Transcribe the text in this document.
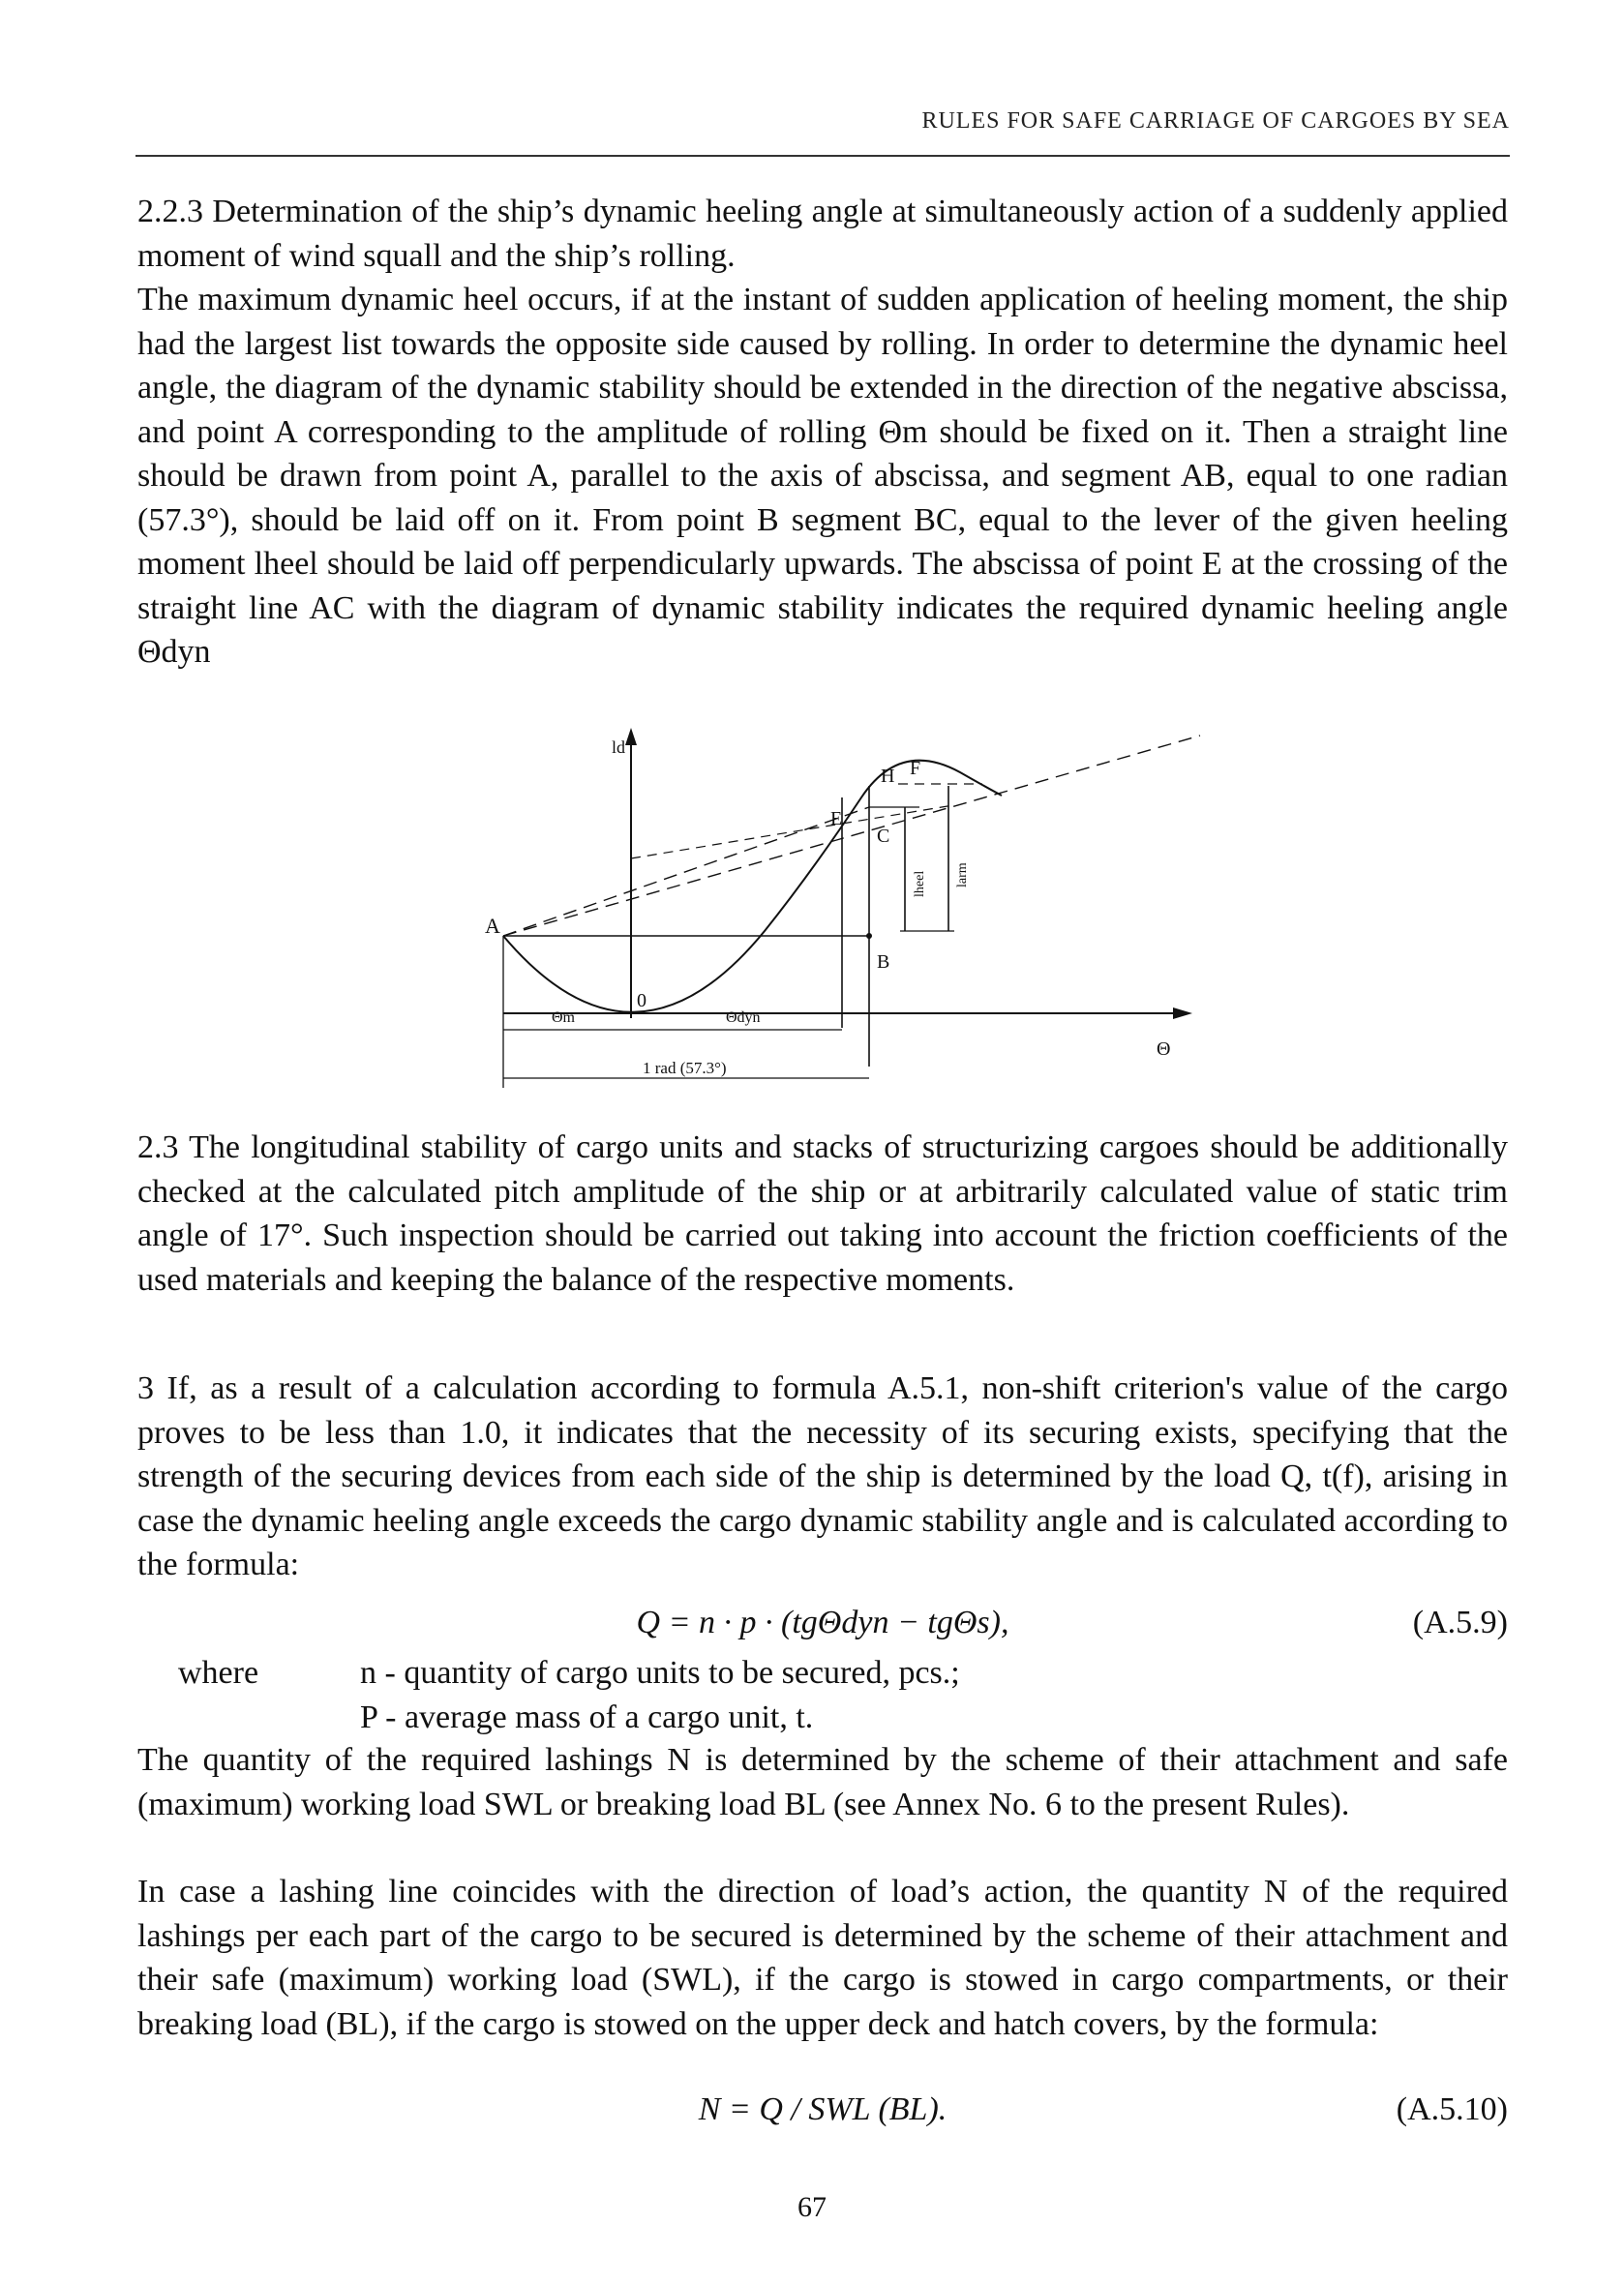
RULES FOR SAFE CARRIAGE OF CARGOES BY SEA

2.2.3 Determination of the ship’s dynamic heeling angle at simultaneously action of a suddenly applied moment of wind squall and the ship’s rolling.

The maximum dynamic heel occurs, if at the instant of sudden application of heeling moment, the ship had the largest list towards the opposite side caused by rolling. In order to determine the dynamic heel angle, the diagram of the dynamic stability should be extended in the direction of the negative abscissa, and point A corresponding to the amplitude of rolling Θm should be fixed on it. Then a straight line should be drawn from point A, parallel to the axis of abscissa, and segment AB, equal to one radian (57.3°), should be laid off on it. From point B segment BC, equal to the lever of the given heeling moment lheel should be laid off perpendicularly upwards. The abscissa of point E at the crossing of the straight line AC with the diagram of dynamic stability indicates the required dynamic heeling angle Θdyn

ld
A
0
E
H F
C
B
lheel larm
Θm	Θdyn
1 rad (57.3°)
Θ

2.3 The longitudinal stability of cargo units and stacks of structurizing cargoes should be additionally checked at the calculated pitch amplitude of the ship or at arbitrarily calculated value of static trim angle of 17°. Such inspection should be carried out taking into account the friction coefficients of the used materials and keeping the balance of the respective moments.

3 If, as a result of a calculation according to formula A.5.1, non-shift criterion's value of the cargo proves to be less than 1.0, it indicates that the necessity of its securing exists, specifying that the strength of the securing devices from each side of the ship is determined by the load Q, t(f), arising in case the dynamic heeling angle exceeds the cargo dynamic stability angle and is calculated according to the formula:

Q = n · p · (tgΘdyn − tgΘs),	(A.5.9)
where	n - quantity of cargo units to be secured, pcs.;
P - average mass of a cargo unit, t.

The quantity of the required lashings N is determined by the scheme of their attachment and safe (maximum) working load SWL or breaking load BL (see Annex No. 6 to the present Rules).

In case a lashing line coincides with the direction of load’s action, the quantity N of the required lashings per each part of the cargo to be secured is determined by the scheme of their attachment and their safe (maximum) working load (SWL), if the cargo is stowed in cargo compartments, or their breaking load (BL), if the cargo is stowed on the upper deck and hatch covers, by the formula:

N = Q / SWL (BL).	(A.5.10)
67
